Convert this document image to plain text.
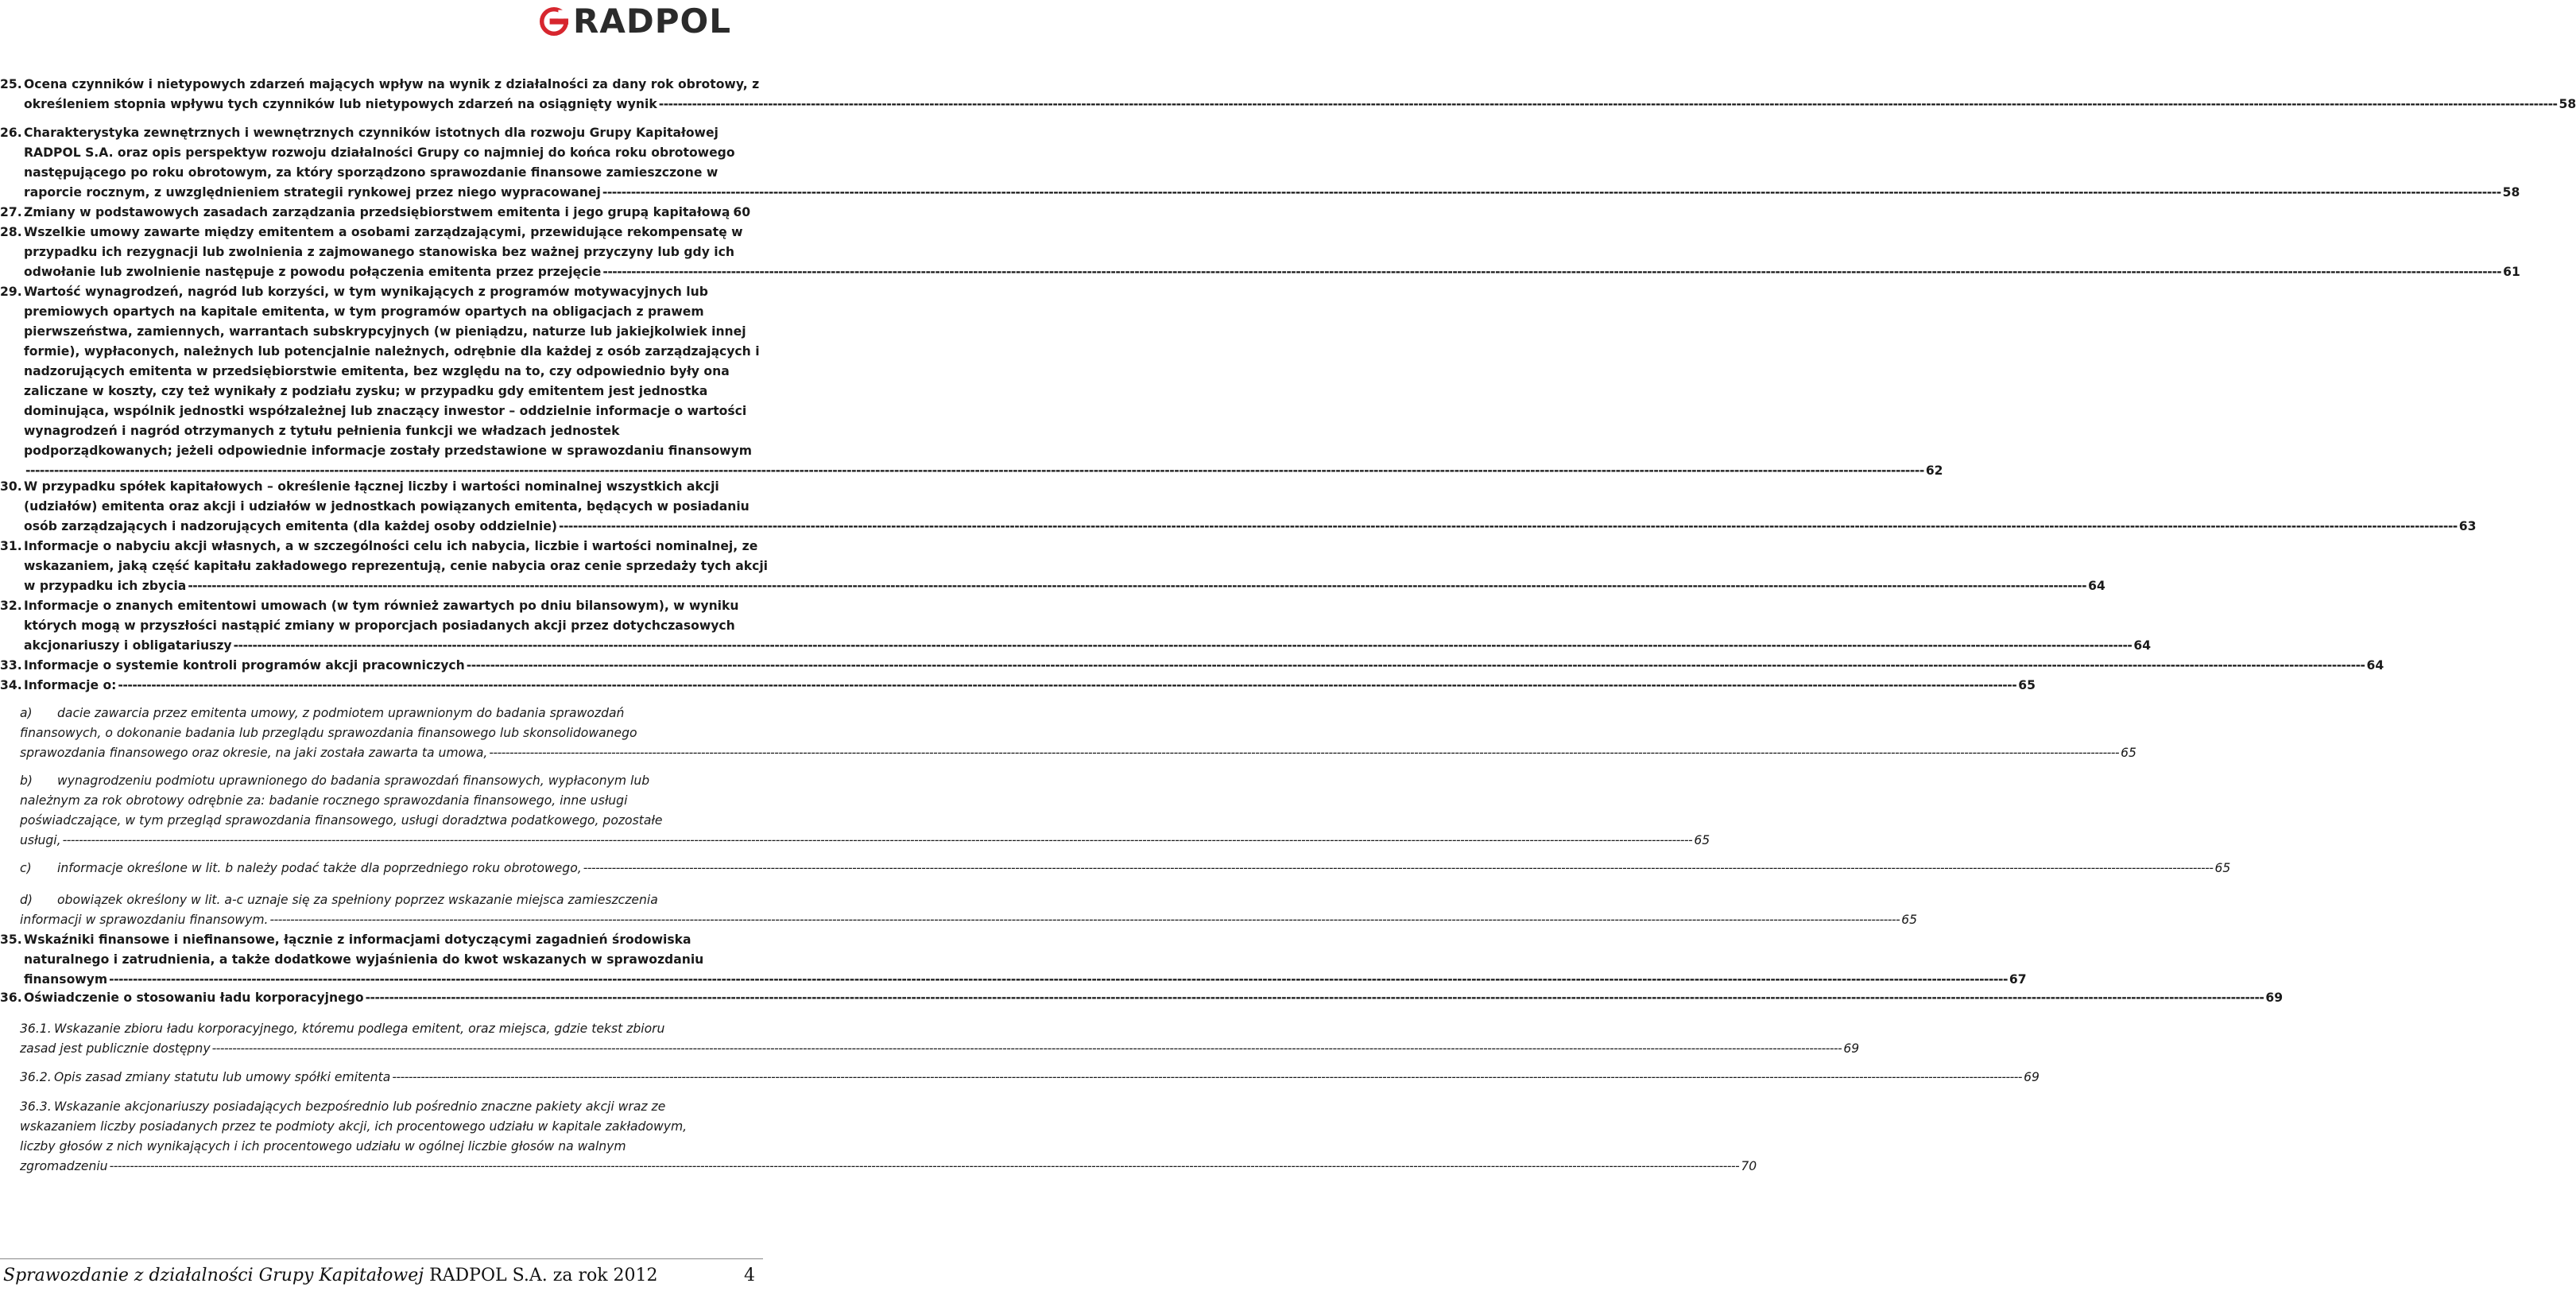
RADPOL
25. Ocena czynników i nietypowych zdarzeń mających wpływ na wynik z działalności za dany rok obrotowy, z
określeniem stopnia wpływu tych czynników lub nietypowych zdarzeń na osiągnięty wynik ---------------------------------------------------------------------------------------------------------------------------------------------------------------------------------------------------------------------------------------------------------------------------------------------------------------------------------------------------------------------------------------------------------------- 58
26. Charakterystyka zewnętrznych i wewnętrznych czynników istotnych dla rozwoju Grupy Kapitałowej
RADPOL S.A. oraz opis perspektyw rozwoju działalności Grupy co najmniej do końca roku obrotowego
następującego po roku obrotowym, za który sporządzono sprawozdanie finansowe zamieszczone w
raporcie rocznym, z uwzględnieniem strategii rynkowej przez niego wypracowanej ---------------------------------------------------------------------------------------------------------------------------------------------------------------------------------------------------------------------------------------------------------------------------------------------------------------------------------------------------------------------------------------------------------------- 58
27. Zmiany w podstawowych zasadach zarządzania przedsiębiorstwem emitenta i jego grupą kapitałową 60
28. Wszelkie umowy zawarte między emitentem a osobami zarządzającymi, przewidujące rekompensatę w
przypadku ich rezygnacji lub zwolnienia z zajmowanego stanowiska bez ważnej przyczyny lub gdy ich
odwołanie lub zwolnienie następuje z powodu połączenia emitenta przez przejęcie ---------------------------------------------------------------------------------------------------------------------------------------------------------------------------------------------------------------------------------------------------------------------------------------------------------------------------------------------------------------------------------------------------------------- 61
29. Wartość wynagrodzeń, nagród lub korzyści, w tym wynikających z programów motywacyjnych lub
premiowych opartych na kapitale emitenta, w tym programów opartych na obligacjach z prawem
pierwszeństwa, zamiennych, warrantach subskrypcyjnych (w pieniądzu, naturze lub jakiejkolwiek innej
formie), wypłaconych, należnych lub potencjalnie należnych, odrębnie dla każdej z osób zarządzających i
nadzorujących emitenta w przedsiębiorstwie emitenta, bez względu na to, czy odpowiednio były ona
zaliczane w koszty, czy też wynikały z podziału zysku; w przypadku gdy emitentem jest jednostka
dominująca, wspólnik jednostki współzależnej lub znaczący inwestor – oddzielnie informacje o wartości
wynagrodzeń i nagród otrzymanych z tytułu pełnienia funkcji we władzach jednostek
podporządkowanych; jeżeli odpowiednie informacje zostały przedstawione w sprawozdaniu finansowym
---------------------------------------------------------------------------------------------------------------------------------------------------------------------------------------------------------------------------------------------------------------------------------------------------------------------------------------------------------------------------------------------------------------- 62
30. W przypadku spółek kapitałowych – określenie łącznej liczby i wartości nominalnej wszystkich akcji
(udziałów) emitenta oraz akcji i udziałów w jednostkach powiązanych emitenta, będących w posiadaniu
osób zarządzających i nadzorujących emitenta (dla każdej osoby oddzielnie) ---------------------------------------------------------------------------------------------------------------------------------------------------------------------------------------------------------------------------------------------------------------------------------------------------------------------------------------------------------------------------------------------------------------- 63
31. Informacje o nabyciu akcji własnych, a w szczególności celu ich nabycia, liczbie i wartości nominalnej, ze
wskazaniem, jaką część kapitału zakładowego reprezentują, cenie nabycia oraz cenie sprzedaży tych akcji
w przypadku ich zbycia ---------------------------------------------------------------------------------------------------------------------------------------------------------------------------------------------------------------------------------------------------------------------------------------------------------------------------------------------------------------------------------------------------------------- 64
32. Informacje o znanych emitentowi umowach (w tym również zawartych po dniu bilansowym), w wyniku
których mogą w przyszłości nastąpić zmiany w proporcjach posiadanych akcji przez dotychczasowych
akcjonariuszy i obligatariuszy ---------------------------------------------------------------------------------------------------------------------------------------------------------------------------------------------------------------------------------------------------------------------------------------------------------------------------------------------------------------------------------------------------------------- 64
33. Informacje o systemie kontroli programów akcji pracowniczych ---------------------------------------------------------------------------------------------------------------------------------------------------------------------------------------------------------------------------------------------------------------------------------------------------------------------------------------------------------------------------------------------------------------- 64
34. Informacje o: ---------------------------------------------------------------------------------------------------------------------------------------------------------------------------------------------------------------------------------------------------------------------------------------------------------------------------------------------------------------------------------------------------------------- 65
a) dacie zawarcia przez emitenta umowy, z podmiotem uprawnionym do badania sprawozdań
finansowych, o dokonanie badania lub przeglądu sprawozdania finansowego lub skonsolidowanego
sprawozdania finansowego oraz okresie, na jaki została zawarta ta umowa, ---------------------------------------------------------------------------------------------------------------------------------------------------------------------------------------------------------------------------------------------------------------------------------------------------------------------------------------------------------------------------------------------------------------- 65
b) wynagrodzeniu podmiotu uprawnionego do badania sprawozdań finansowych, wypłaconym lub
należnym za rok obrotowy odrębnie za: badanie rocznego sprawozdania finansowego, inne usługi
poświadczające, w tym przegląd sprawozdania finansowego, usługi doradztwa podatkowego, pozostałe
usługi, ---------------------------------------------------------------------------------------------------------------------------------------------------------------------------------------------------------------------------------------------------------------------------------------------------------------------------------------------------------------------------------------------------------------- 65
c) informacje określone w lit. b należy podać także dla poprzedniego roku obrotowego, ---------------------------------------------------------------------------------------------------------------------------------------------------------------------------------------------------------------------------------------------------------------------------------------------------------------------------------------------------------------------------------------------------------------- 65
d) obowiązek określony w lit. a-c uznaje się za spełniony poprzez wskazanie miejsca zamieszczenia
informacji w sprawozdaniu finansowym. ---------------------------------------------------------------------------------------------------------------------------------------------------------------------------------------------------------------------------------------------------------------------------------------------------------------------------------------------------------------------------------------------------------------- 65
35. Wskaźniki finansowe i niefinansowe, łącznie z informacjami dotyczącymi zagadnień środowiska
naturalnego i zatrudnienia, a także dodatkowe wyjaśnienia do kwot wskazanych w sprawozdaniu
finansowym ---------------------------------------------------------------------------------------------------------------------------------------------------------------------------------------------------------------------------------------------------------------------------------------------------------------------------------------------------------------------------------------------------------------- 67
36. Oświadczenie o stosowaniu ładu korporacyjnego ---------------------------------------------------------------------------------------------------------------------------------------------------------------------------------------------------------------------------------------------------------------------------------------------------------------------------------------------------------------------------------------------------------------- 69
36.1. Wskazanie zbioru ładu korporacyjnego, któremu podlega emitent, oraz miejsca, gdzie tekst zbioru
zasad jest publicznie dostępny ---------------------------------------------------------------------------------------------------------------------------------------------------------------------------------------------------------------------------------------------------------------------------------------------------------------------------------------------------------------------------------------------------------------- 69
36.2. Opis zasad zmiany statutu lub umowy spółki emitenta ---------------------------------------------------------------------------------------------------------------------------------------------------------------------------------------------------------------------------------------------------------------------------------------------------------------------------------------------------------------------------------------------------------------- 69
36.3. Wskazanie akcjonariuszy posiadających bezpośrednio lub pośrednio znaczne pakiety akcji wraz ze
wskazaniem liczby posiadanych przez te podmioty akcji, ich procentowego udziału w kapitale zakładowym,
liczby głosów z nich wynikających i ich procentowego udziału w ogólnej liczbie głosów na walnym
zgromadzeniu ---------------------------------------------------------------------------------------------------------------------------------------------------------------------------------------------------------------------------------------------------------------------------------------------------------------------------------------------------------------------------------------------------------------- 70
Sprawozdanie z działalności Grupy Kapitałowej RADPOL S.A. za rok 2012	4
